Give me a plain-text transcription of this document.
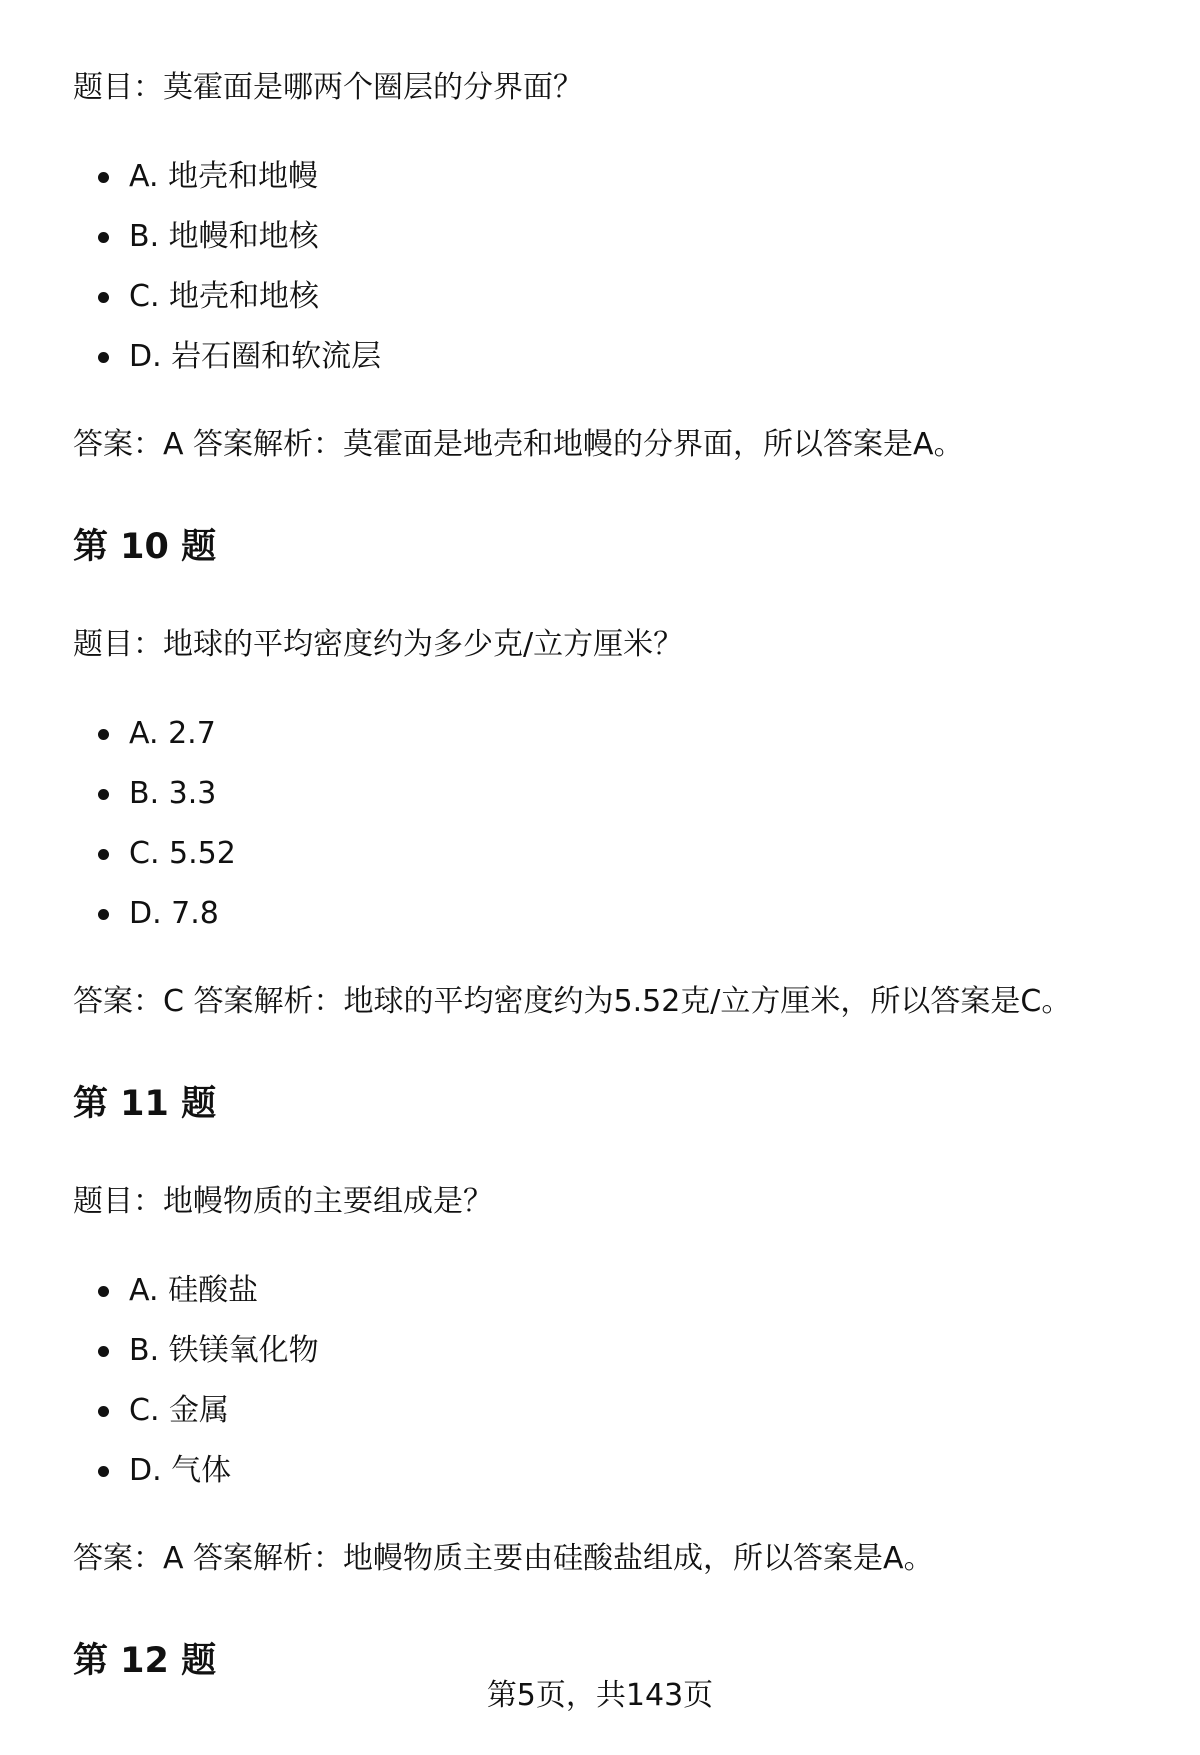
题目：莫霍面是哪两个圈层的分界面？
A. 地壳和地幔
B. 地幔和地核
C. 地壳和地核
D. 岩石圈和软流层
答案：A 答案解析：莫霍面是地壳和地幔的分界面，所以答案是A。
第 10 题
题目：地球的平均密度约为多少克/立方厘米？
A. 2.7
B. 3.3
C. 5.52
D. 7.8
答案：C 答案解析：地球的平均密度约为5.52克/立方厘米，所以答案是C。
第 11 题
题目：地幔物质的主要组成是？
A. 硅酸盐
B. 铁镁氧化物
C. 金属
D. 气体
答案：A 答案解析：地幔物质主要由硅酸盐组成，所以答案是A。
第 12 题
第5页，共143页
